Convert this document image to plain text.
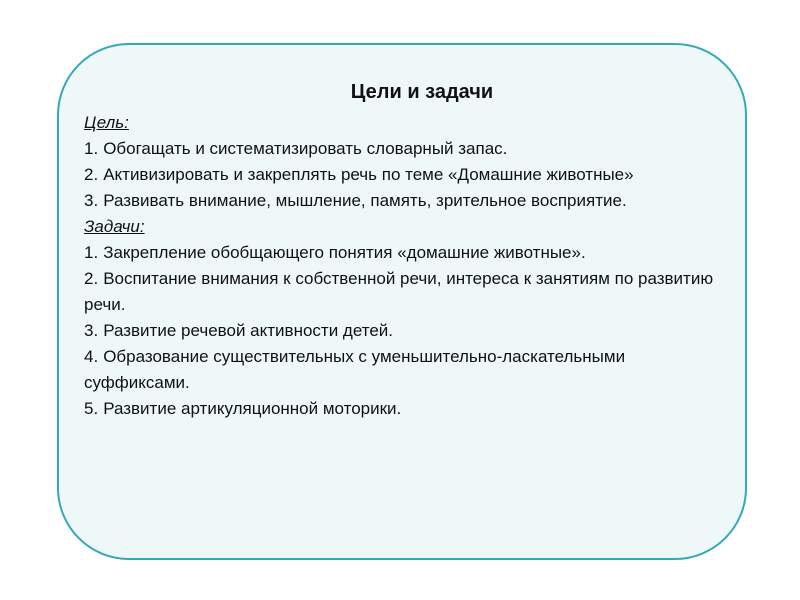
Цели и задачи
Цель:
1. Обогащать и систематизировать словарный запас.
2. Активизировать и закреплять речь по теме «Домашние животные»
3. Развивать внимание, мышление, память, зрительное восприятие.
Задачи:
1. Закрепление обобщающего понятия «домашние животные».
2. Воспитание внимания к собственной речи, интереса к занятиям по развитию речи.
3. Развитие речевой активности детей.
4. Образование существительных с уменьшительно-ласкательными суффиксами.
5. Развитие артикуляционной моторики.
